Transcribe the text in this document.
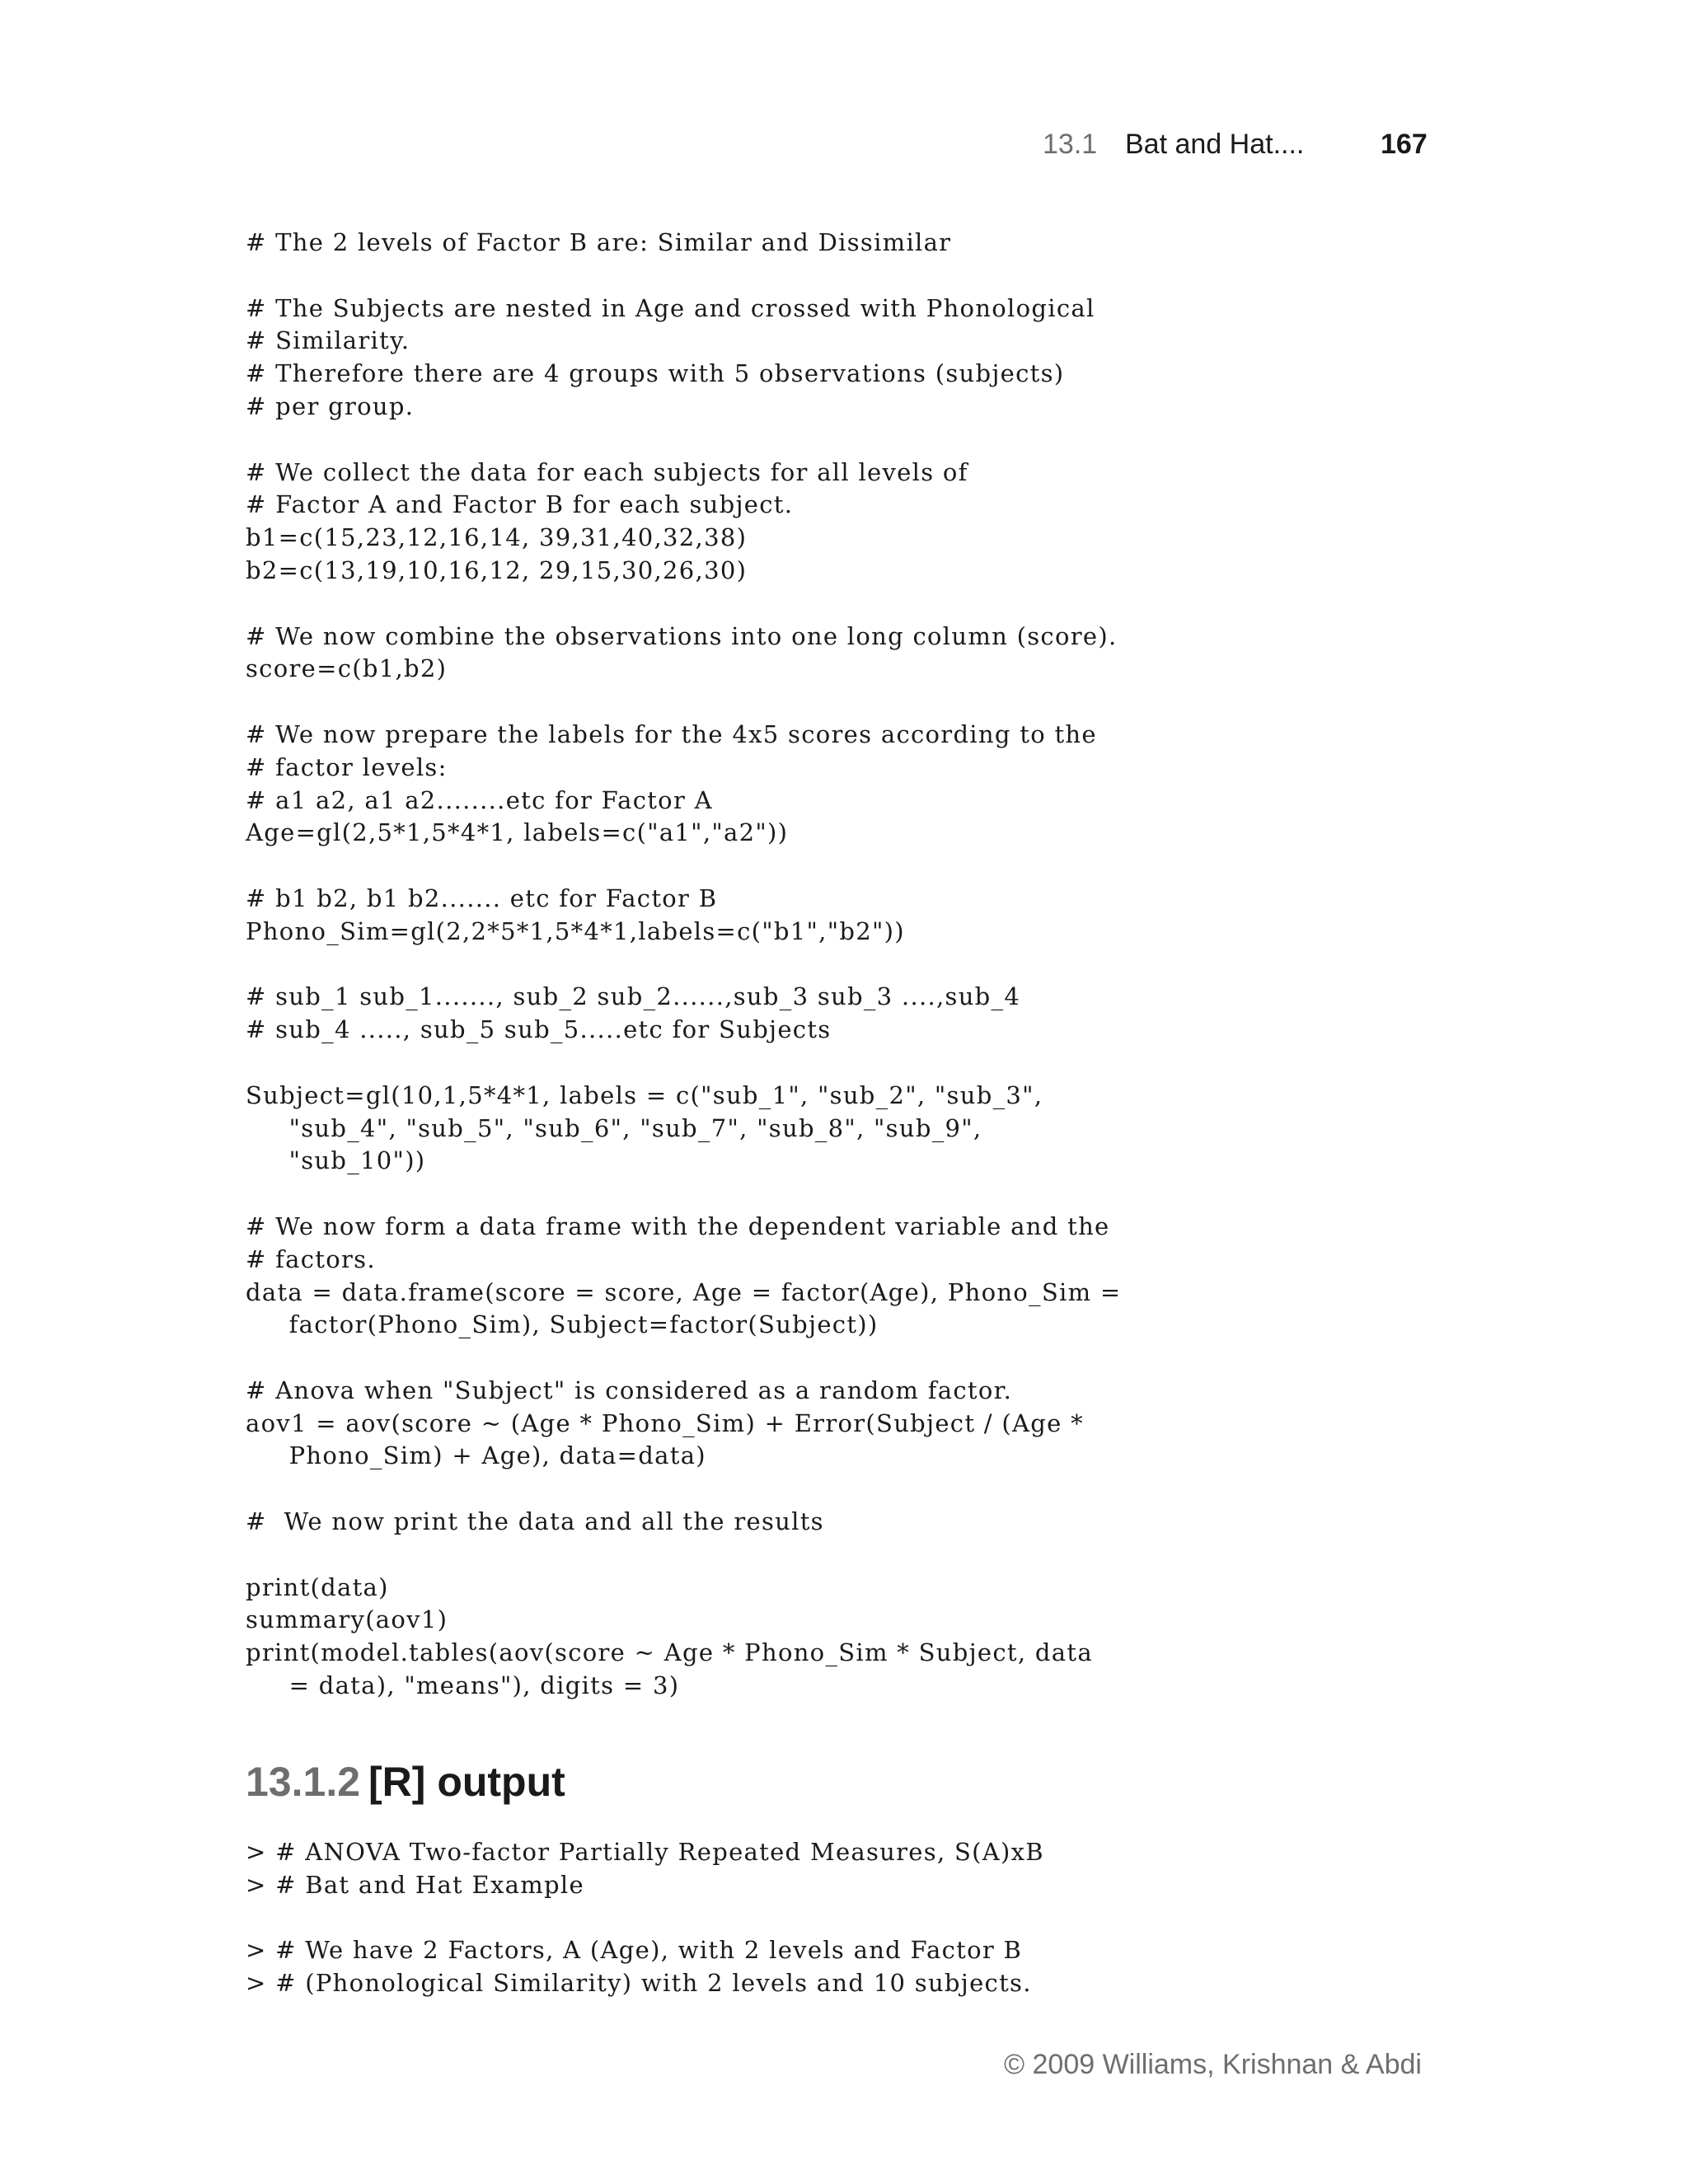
13.1 Bat and Hat....	167
# The 2 levels of Factor B are: Similar and Dissimilar
# The Subjects are nested in Age and crossed with Phonological
# Similarity.
# Therefore there are 4 groups with 5 observations (subjects)
# per group.
# We collect the data for each subjects for all levels of
# Factor A and Factor B for each subject.
b1=c(15,23,12,16,14, 39,31,40,32,38)
b2=c(13,19,10,16,12, 29,15,30,26,30)
# We now combine the observations into one long column (score).
score=c(b1,b2)
# We now prepare the labels for the 4x5 scores according to the
# factor levels:
# a1 a2, a1 a2........etc for Factor A
Age=gl(2,5*1,5*4*1, labels=c("a1","a2"))
# b1 b2, b1 b2....... etc for Factor B
Phono_Sim=gl(2,2*5*1,5*4*1,labels=c("b1","b2"))
# sub_1 sub_1......., sub_2 sub_2......,sub_3 sub_3 ....,sub_4
# sub_4 ....., sub_5 sub_5.....etc for Subjects
Subject=gl(10,1,5*4*1, labels = c("sub_1", "sub_2", "sub_3",
"sub_4", "sub_5", "sub_6", "sub_7", "sub_8", "sub_9",
"sub_10"))
# We now form a data frame with the dependent variable and the
# factors.
data = data.frame(score = score, Age = factor(Age), Phono_Sim =
factor(Phono_Sim), Subject=factor(Subject))
# Anova when "Subject" is considered as a random factor.
aov1 = aov(score ~ (Age * Phono_Sim) + Error(Subject / (Age *
Phono_Sim) + Age), data=data)
#  We now print the data and all the results
print(data)
summary(aov1)
print(model.tables(aov(score ~ Age * Phono_Sim * Subject, data
= data), "means"), digits = 3)
13.1.2 [R] output
> # ANOVA Two-factor Partially Repeated Measures, S(A)xB
> # Bat and Hat Example
> # We have 2 Factors, A (Age), with 2 levels and Factor B
> # (Phonological Similarity) with 2 levels and 10 subjects.
© 2009 Williams, Krishnan & Abdi
